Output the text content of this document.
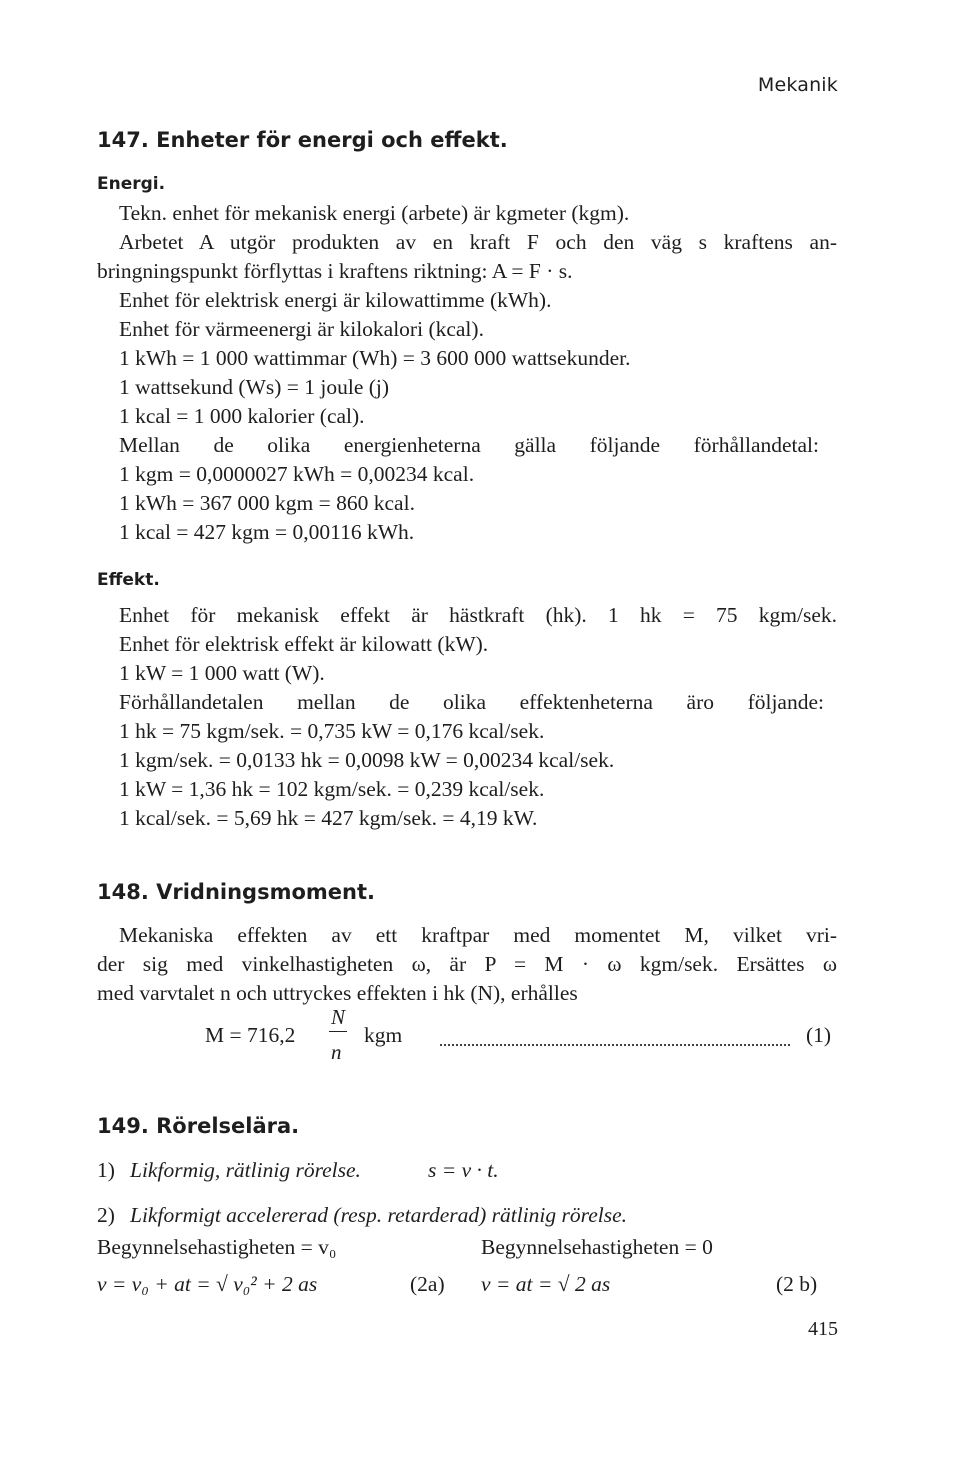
Mekanik
147. Enheter för energi och effekt.
Energi.
Tekn. enhet för mekanisk energi (arbete) är kgmeter (kgm).
Arbetet A utgör produkten av en kraft F och den väg s kraftens an-
bringningspunkt förflyttas i kraftens riktning: A = F · s.
Enhet för elektrisk energi är kilowattimme (kWh).
Enhet för värmeenergi är kilokalori (kcal).
1 kWh = 1 000 wattimmar (Wh) = 3 600 000 wattsekunder.
1 wattsekund (Ws) = 1 joule (j)
1 kcal = 1 000 kalorier (cal).
Mellan de olika energienheterna gälla följande förhållandetal:
1 kgm = 0,0000027 kWh = 0,00234 kcal.
1 kWh = 367 000 kgm = 860 kcal.
1 kcal = 427 kgm = 0,00116 kWh.
Effekt.
Enhet för mekanisk effekt är hästkraft (hk). 1 hk = 75 kgm/sek.
Enhet för elektrisk effekt är kilowatt (kW).
1 kW = 1 000 watt (W).
Förhållandetalen mellan de olika effektenheterna äro följande:
1 hk = 75 kgm/sek. = 0,735 kW = 0,176 kcal/sek.
1 kgm/sek. = 0,0133 hk = 0,0098 kW = 0,00234 kcal/sek.
1 kW = 1,36 hk = 102 kgm/sek. = 0,239 kcal/sek.
1 kcal/sek. = 5,69 hk = 427 kgm/sek. = 4,19 kW.
148. Vridningsmoment.
Mekaniska effekten av ett kraftpar med momentet M, vilket vri-
der sig med vinkelhastigheten ω, är P = M · ω kgm/sek. Ersättes ω
med varvtalet n och uttryckes effekten i hk (N), erhålles
M = 716,2
N
n
kgm	(1)
149. Rörelselära.
1) Likformig, rätlinig rörelse.	s = v · t.
2) Likformigt accelererad (resp. retarderad) rätlinig rörelse.
Begynnelsehastigheten = v₀	Begynnelsehastigheten = 0
v = v₀ + at = √ v₀² + 2 as	(2a) v = at = √ 2 as	(2 b)
415
